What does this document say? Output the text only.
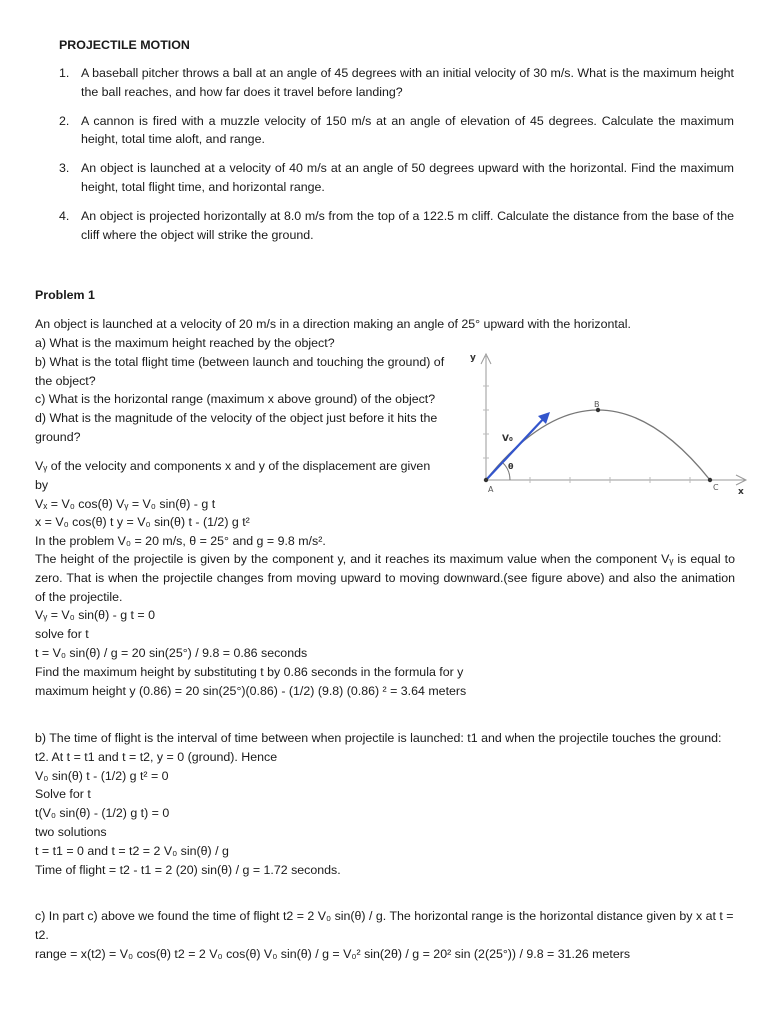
PROJECTILE MOTION
1. A baseball pitcher throws a ball at an angle of 45 degrees with an initial velocity of 30 m/s. What is the maximum height the ball reaches, and how far does it travel before landing?
2. A cannon is fired with a muzzle velocity of 150 m/s at an angle of elevation of 45 degrees. Calculate the maximum height, total time aloft, and range.
3. An object is launched at a velocity of 40 m/s at an angle of 50 degrees upward with the horizontal. Find the maximum height, total flight time, and horizontal range.
4. An object is projected horizontally at 8.0 m/s from the top of a 122.5 m cliff. Calculate the distance from the base of the cliff where the object will strike the ground.
Problem 1
An object is launched at a velocity of 20 m/s in a direction making an angle of 25° upward with the horizontal.
a) What is the maximum height reached by the object?
b) What is the total flight time (between launch and touching the ground) of the object?
c) What is the horizontal range (maximum x above ground) of the object?
d) What is the magnitude of the velocity of the object just before it hits the ground?
y
x
V₀
θ
A
B
C
Vᵧ of the velocity and components x and y of the displacement are given by
Vₓ = V₀ cos(θ) Vᵧ = V₀ sin(θ) - g t
x = V₀ cos(θ) t y = V₀ sin(θ) t - (1/2) g t²
In the problem V₀ = 20 m/s, θ = 25° and g = 9.8 m/s².
The height of the projectile is given by the component y, and it reaches its maximum value when the component Vᵧ is equal to zero. That is when the projectile changes from moving upward to moving downward.(see figure above) and also the animation of the projectile.
Vᵧ = V₀ sin(θ) - g t = 0
solve for t
t = V₀ sin(θ) / g = 20 sin(25°) / 9.8 = 0.86 seconds
Find the maximum height by substituting t by 0.86 seconds in the formula for y
maximum height y (0.86) = 20 sin(25°)(0.86) - (1/2) (9.8) (0.86) ² = 3.64 meters
b) The time of flight is the interval of time between when projectile is launched: t1 and when the projectile touches the ground: t2. At t = t1 and t = t2, y = 0 (ground). Hence
V₀ sin(θ) t - (1/2) g t² = 0
Solve for t
t(V₀ sin(θ) - (1/2) g t) = 0
two solutions
t = t1 = 0 and t = t2 = 2 V₀ sin(θ) / g
Time of flight = t2 - t1 = 2 (20) sin(θ) / g = 1.72 seconds.
c) In part c) above we found the time of flight t2 = 2 V₀ sin(θ) / g. The horizontal range is the horizontal distance given by x at t = t2.
range = x(t2) = V₀ cos(θ) t2 = 2 V₀ cos(θ) V₀ sin(θ) / g = V₀² sin(2θ) / g = 20² sin (2(25°)) / 9.8 = 31.26 meters
